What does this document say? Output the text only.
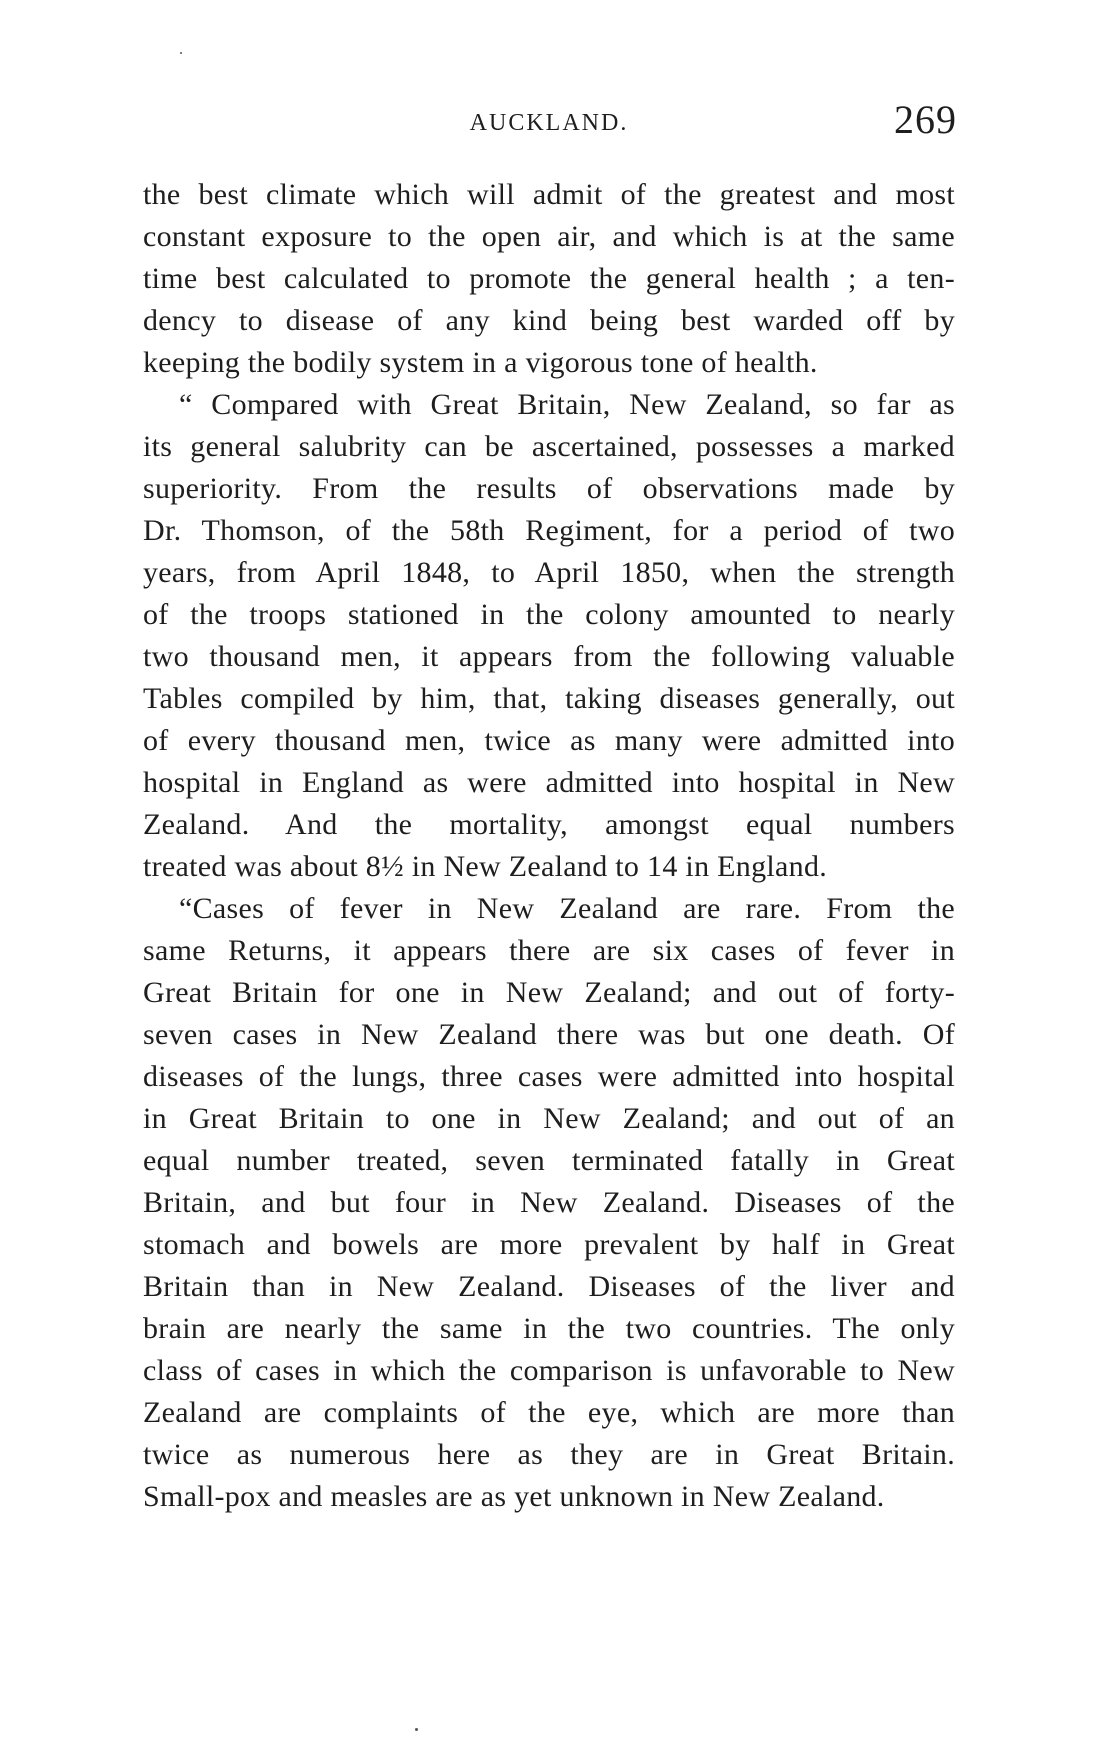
AUCKLAND.	269
the best climate which will admit of the greatest and most
constant exposure to the open air, and which is at the same
time best calculated to promote the general health ; a ten-
dency to disease of any kind being best warded off by
keeping the bodily system in a vigorous tone of health.
“ Compared with Great Britain, New Zealand, so far as
its general salubrity can be ascertained, possesses a marked
superiority. From the results of observations made by
Dr. Thomson, of the 58th Regiment, for a period of two
years, from April 1848, to April 1850, when the strength
of the troops stationed in the colony amounted to nearly
two thousand men, it appears from the following valuable
Tables compiled by him, that, taking diseases generally, out
of every thousand men, twice as many were admitted into
hospital in England as were admitted into hospital in New
Zealand. And the mortality, amongst equal numbers
treated was about 8½ in New Zealand to 14 in England.
“Cases of fever in New Zealand are rare. From the
same Returns, it appears there are six cases of fever in
Great Britain for one in New Zealand; and out of forty-
seven cases in New Zealand there was but one death. Of
diseases of the lungs, three cases were admitted into hospital
in Great Britain to one in New Zealand; and out of an
equal number treated, seven terminated fatally in Great
Britain, and but four in New Zealand. Diseases of the
stomach and bowels are more prevalent by half in Great
Britain than in New Zealand. Diseases of the liver and
brain are nearly the same in the two countries. The only
class of cases in which the comparison is unfavorable to New
Zealand are complaints of the eye, which are more than
twice as numerous here as they are in Great Britain.
Small-pox and measles are as yet unknown in New Zealand.
